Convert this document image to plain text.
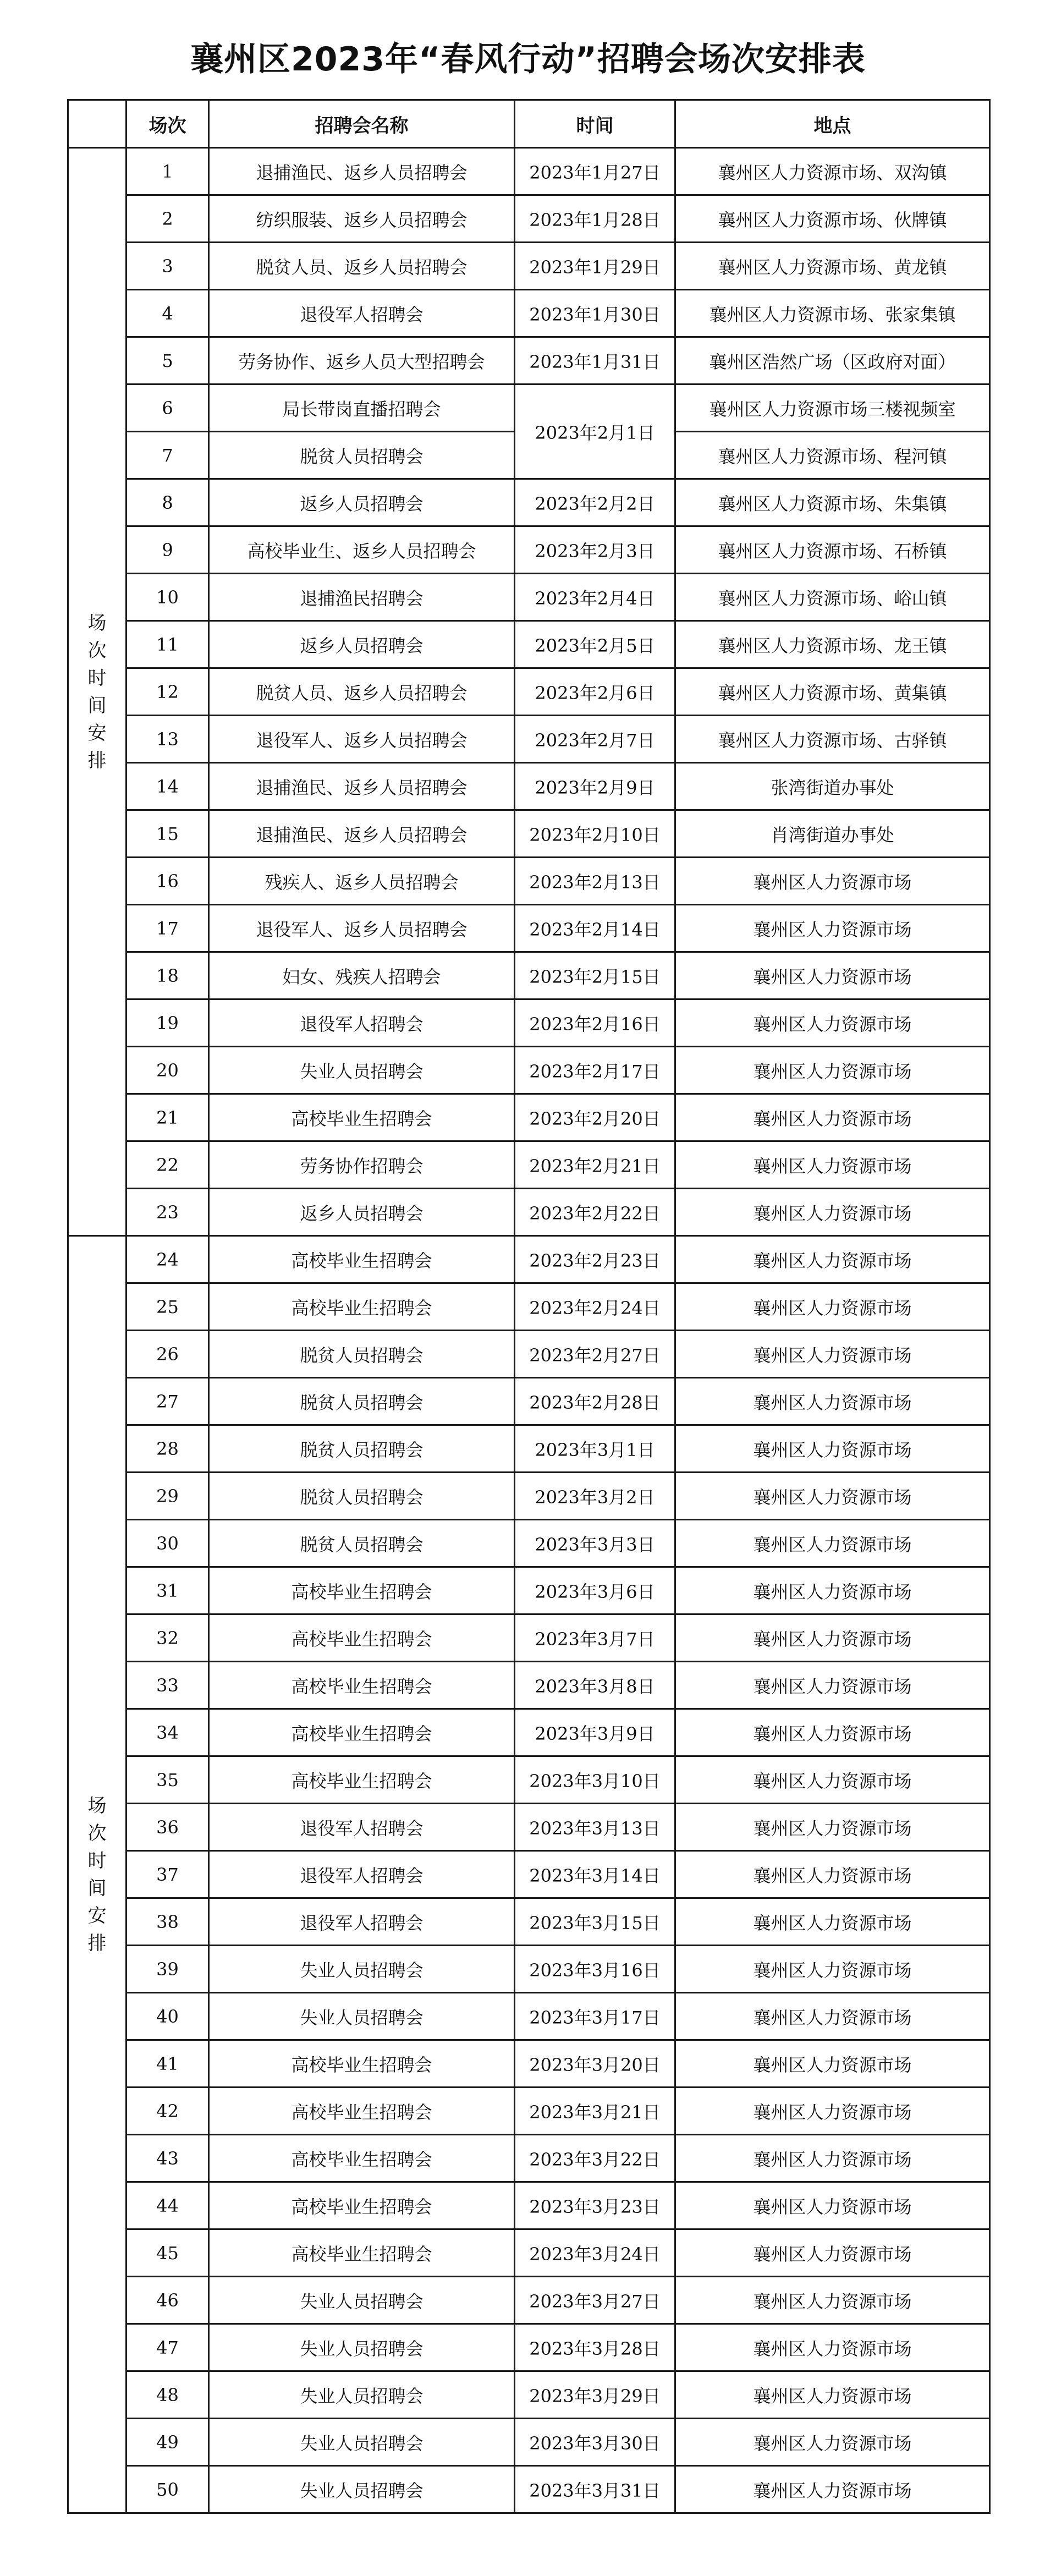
襄州区2023年“春风行动”招聘会场次安排表
	场次	招聘会名称	时间	地点
场次时间安排	1	退捕渔民、返乡人员招聘会	2023年1月27日	襄州区人力资源市场、双沟镇
	2	纺织服装、返乡人员招聘会	2023年1月28日	襄州区人力资源市场、伙牌镇
	3	脱贫人员、返乡人员招聘会	2023年1月29日	襄州区人力资源市场、黄龙镇
	4	退役军人招聘会	2023年1月30日	襄州区人力资源市场、张家集镇
	5	劳务协作、返乡人员大型招聘会	2023年1月31日	襄州区浩然广场（区政府对面）
	6	局长带岗直播招聘会	2023年2月1日	襄州区人力资源市场三楼视频室
	7	脱贫人员招聘会		襄州区人力资源市场、程河镇
	8	返乡人员招聘会	2023年2月2日	襄州区人力资源市场、朱集镇
	9	高校毕业生、返乡人员招聘会	2023年2月3日	襄州区人力资源市场、石桥镇
	10	退捕渔民招聘会	2023年2月4日	襄州区人力资源市场、峪山镇
	11	返乡人员招聘会	2023年2月5日	襄州区人力资源市场、龙王镇
	12	脱贫人员、返乡人员招聘会	2023年2月6日	襄州区人力资源市场、黄集镇
	13	退役军人、返乡人员招聘会	2023年2月7日	襄州区人力资源市场、古驿镇
	14	退捕渔民、返乡人员招聘会	2023年2月9日	张湾街道办事处
	15	退捕渔民、返乡人员招聘会	2023年2月10日	肖湾街道办事处
	16	残疾人、返乡人员招聘会	2023年2月13日	襄州区人力资源市场
	17	退役军人、返乡人员招聘会	2023年2月14日	襄州区人力资源市场
	18	妇女、残疾人招聘会	2023年2月15日	襄州区人力资源市场
	19	退役军人招聘会	2023年2月16日	襄州区人力资源市场
	20	失业人员招聘会	2023年2月17日	襄州区人力资源市场
	21	高校毕业生招聘会	2023年2月20日	襄州区人力资源市场
	22	劳务协作招聘会	2023年2月21日	襄州区人力资源市场
	23	返乡人员招聘会	2023年2月22日	襄州区人力资源市场
场次时间安排	24	高校毕业生招聘会	2023年2月23日	襄州区人力资源市场
	25	高校毕业生招聘会	2023年2月24日	襄州区人力资源市场
	26	脱贫人员招聘会	2023年2月27日	襄州区人力资源市场
	27	脱贫人员招聘会	2023年2月28日	襄州区人力资源市场
	28	脱贫人员招聘会	2023年3月1日	襄州区人力资源市场
	29	脱贫人员招聘会	2023年3月2日	襄州区人力资源市场
	30	脱贫人员招聘会	2023年3月3日	襄州区人力资源市场
	31	高校毕业生招聘会	2023年3月6日	襄州区人力资源市场
	32	高校毕业生招聘会	2023年3月7日	襄州区人力资源市场
	33	高校毕业生招聘会	2023年3月8日	襄州区人力资源市场
	34	高校毕业生招聘会	2023年3月9日	襄州区人力资源市场
	35	高校毕业生招聘会	2023年3月10日	襄州区人力资源市场
	36	退役军人招聘会	2023年3月13日	襄州区人力资源市场
	37	退役军人招聘会	2023年3月14日	襄州区人力资源市场
	38	退役军人招聘会	2023年3月15日	襄州区人力资源市场
	39	失业人员招聘会	2023年3月16日	襄州区人力资源市场
	40	失业人员招聘会	2023年3月17日	襄州区人力资源市场
	41	高校毕业生招聘会	2023年3月20日	襄州区人力资源市场
	42	高校毕业生招聘会	2023年3月21日	襄州区人力资源市场
	43	高校毕业生招聘会	2023年3月22日	襄州区人力资源市场
	44	高校毕业生招聘会	2023年3月23日	襄州区人力资源市场
	45	高校毕业生招聘会	2023年3月24日	襄州区人力资源市场
	46	失业人员招聘会	2023年3月27日	襄州区人力资源市场
	47	失业人员招聘会	2023年3月28日	襄州区人力资源市场
	48	失业人员招聘会	2023年3月29日	襄州区人力资源市场
	49	失业人员招聘会	2023年3月30日	襄州区人力资源市场
	50	失业人员招聘会	2023年3月31日	襄州区人力资源市场
